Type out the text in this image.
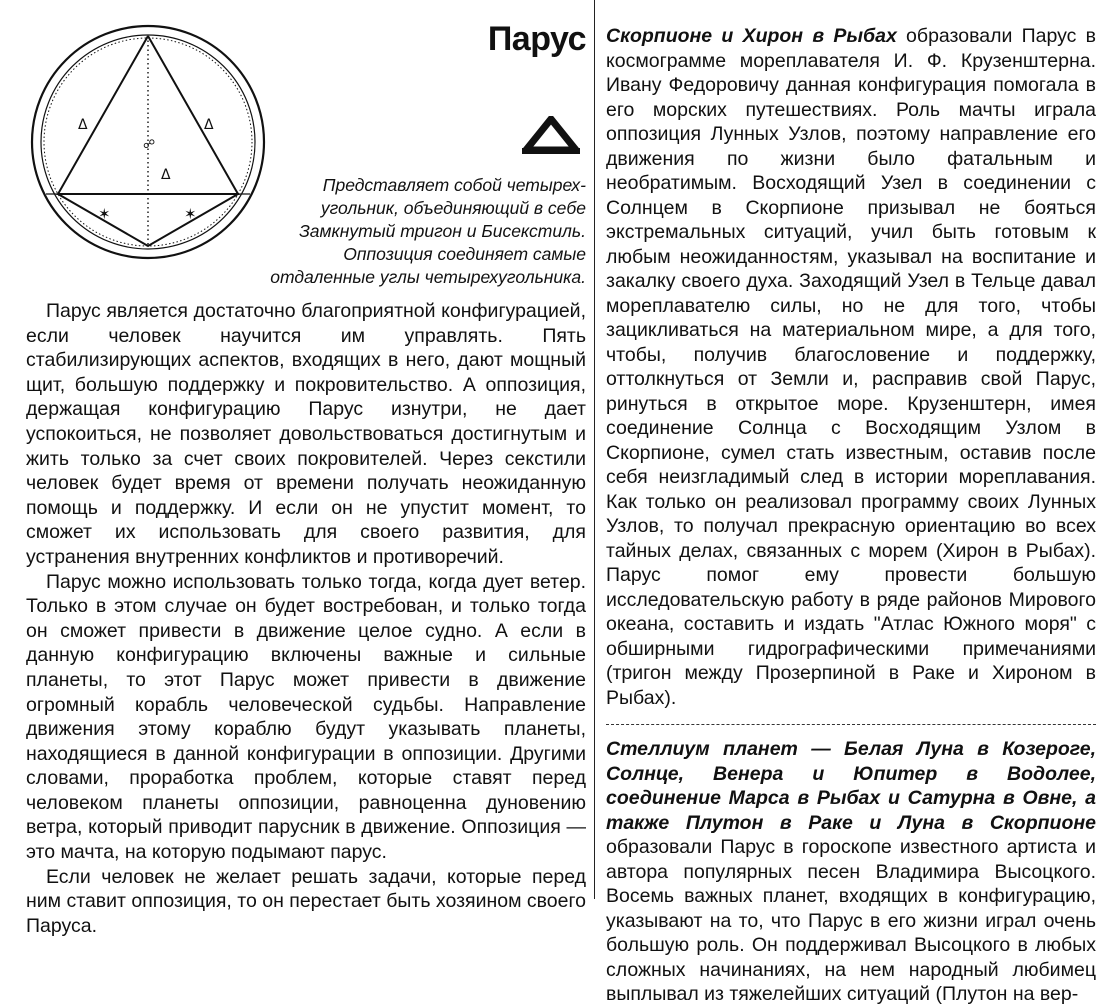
Δ	Δ
Δ
☍
✶	✶
Парус
Представляет собой четырех-угольник, объединяющий в себе Замкнутый тригон и Бисекстиль. Оппозиция соединяет самые отдаленные углы четырехугольника.

Парус является достаточно благоприятной конфигурацией, если человек научится им управлять. Пять стабилизирующих аспектов, входящих в него, дают мощный щит, большую поддержку и покровительство. А оппозиция, держащая конфигурацию Парус изнутри, не дает успокоиться, не позволяет довольствоваться достигнутым и жить только за счет своих покровителей. Через секстили человек будет время от времени получать неожиданную помощь и поддержку. И если он не упустит момент, то сможет их использовать для своего развития, для устранения внутренних конфликтов и противоречий.

Парус можно использовать только тогда, когда дует ветер. Только в этом случае он будет востребован, и только тогда он сможет привести в движение целое судно. А если в данную конфигурацию включены важные и сильные планеты, то этот Парус может привести в движение огромный корабль человеческой судьбы. Направление движения этому кораблю будут указывать планеты, находящиеся в данной конфигурации в оппозиции. Другими словами, проработка проблем, которые ставят перед человеком планеты оппозиции, равноценна дуновению ветра, который приводит парусник в движение. Оппозиция — это мачта, на которую подымают парус.

Если человек не желает решать задачи, которые перед ним ставит оппозиция, то он перестает быть хозяином своего Паруса.

Скорпионе и Хирон в Рыбах образовали Парус в космограмме мореплавателя И. Ф. Крузенштерна. Ивану Федоровичу данная конфигурация помогала в его морских путешествиях. Роль мачты играла оппозиция Лунных Узлов, поэтому направление его движения по жизни было фатальным и необратимым. Восходящий Узел в соединении с Солнцем в Скорпионе призывал не бояться экстремальных ситуаций, учил быть готовым к любым неожиданностям, указывал на воспитание и закалку своего духа. Заходящий Узел в Тельце давал мореплавателю силы, но не для того, чтобы зацикливаться на материальном мире, а для того, чтобы, получив благословение и поддержку, оттолкнуться от Земли и, расправив свой Парус, ринуться в открытое море. Крузенштерн, имея соединение Солнца с Восходящим Узлом в Скорпионе, сумел стать известным, оставив после себя неизгладимый след в истории мореплавания. Как только он реализовал программу своих Лунных Узлов, то получал прекрасную ориентацию во всех тайных делах, связанных с морем (Хирон в Рыбах). Парус помог ему провести большую исследовательскую работу в ряде районов Мирового океана, составить и издать "Атлас Южного моря" с обширными гидрографическими примечаниями (тригон между Прозерпиной в Раке и Хироном в Рыбах).

Стеллиум планет — Белая Луна в Козероге, Солнце, Венера и Юпитер в Водолее, соединение Марса в Рыбах и Сатурна в Овне, а также Плутон в Раке и Луна в Скорпионе образовали Парус в гороскопе известного артиста и автора популярных песен Владимира Высоцкого. Восемь важных планет, входящих в конфигурацию, указывают на то, что Парус в его жизни играл очень большую роль. Он поддерживал Высоцкого в любых сложных начинаниях, на нем народный любимец выплывал из тяжелейших ситуаций (Плутон на вер-
